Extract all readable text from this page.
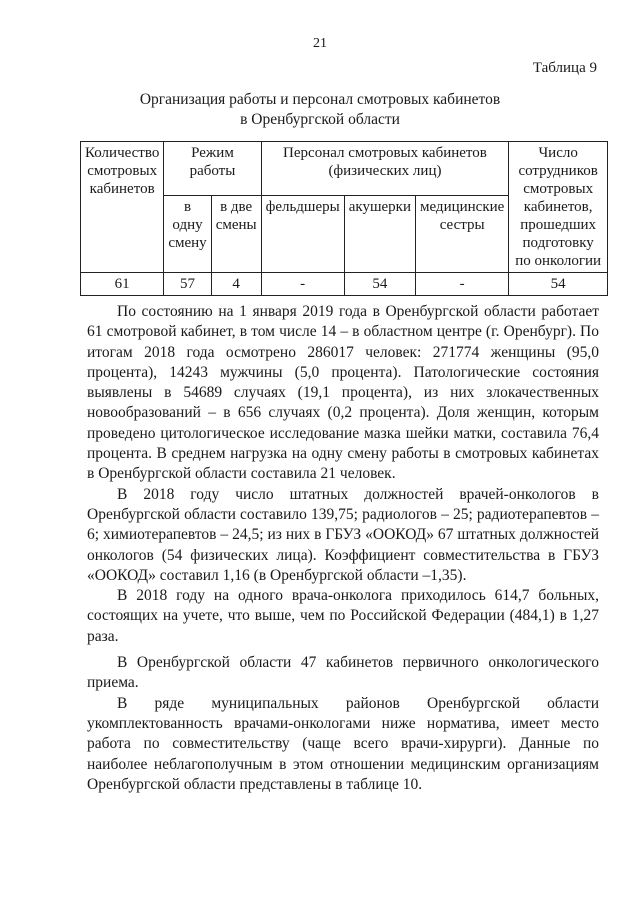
21
Таблица 9
Организация работы и персонал смотровых кабинетов
в Оренбургской области
Количество смотровых кабинетов	Режим работы		Персонал смотровых кабинетов (физических лиц)			Число сотрудников смотровых кабинетов, прошедших подготовку по онкологии
	в одну смену	в две смены	фельдшеры	акушерки	медицинские сестры	
61	57	4	-	54	-	54

По состоянию на 1 января 2019 года в Оренбургской области работает 61 смотровой кабинет, в том числе 14 – в областном центре (г. Оренбург). По итогам 2018 года осмотрено 286017 человек: 271774 женщины (95,0 процента), 14243 мужчины (5,0 процента). Патологические состояния выявлены в 54689 случаях (19,1 процента), из них злокачественных новообразований – в 656 случаях (0,2 процента). Доля женщин, которым проведено цитологическое исследование мазка шейки матки, составила 76,4 процента. В среднем нагрузка на одну смену работы в смотровых кабинетах в Оренбургской области составила 21 человек.

В 2018 году число штатных должностей врачей-онкологов в Оренбургской области составило 139,75; радиологов – 25; радиотерапевтов – 6; химиотерапевтов – 24,5; из них в ГБУЗ «ООКОД» 67 штатных должностей онкологов (54 физических лица). Коэффициент совместительства в ГБУЗ «ООКОД» составил 1,16 (в Оренбургской области –1,35).

В 2018 году на одного врача-онколога приходилось 614,7 больных, состоящих на учете, что выше, чем по Российской Федерации (484,1) в 1,27 раза.

В Оренбургской области 47 кабинетов первичного онкологического приема.

В ряде муниципальных районов Оренбургской области укомплектованность врачами-онкологами ниже норматива, имеет место работа по совместительству (чаще всего врачи-хирурги). Данные по наиболее неблагополучным в этом отношении медицинским организациям Оренбургской области представлены в таблице 10.
